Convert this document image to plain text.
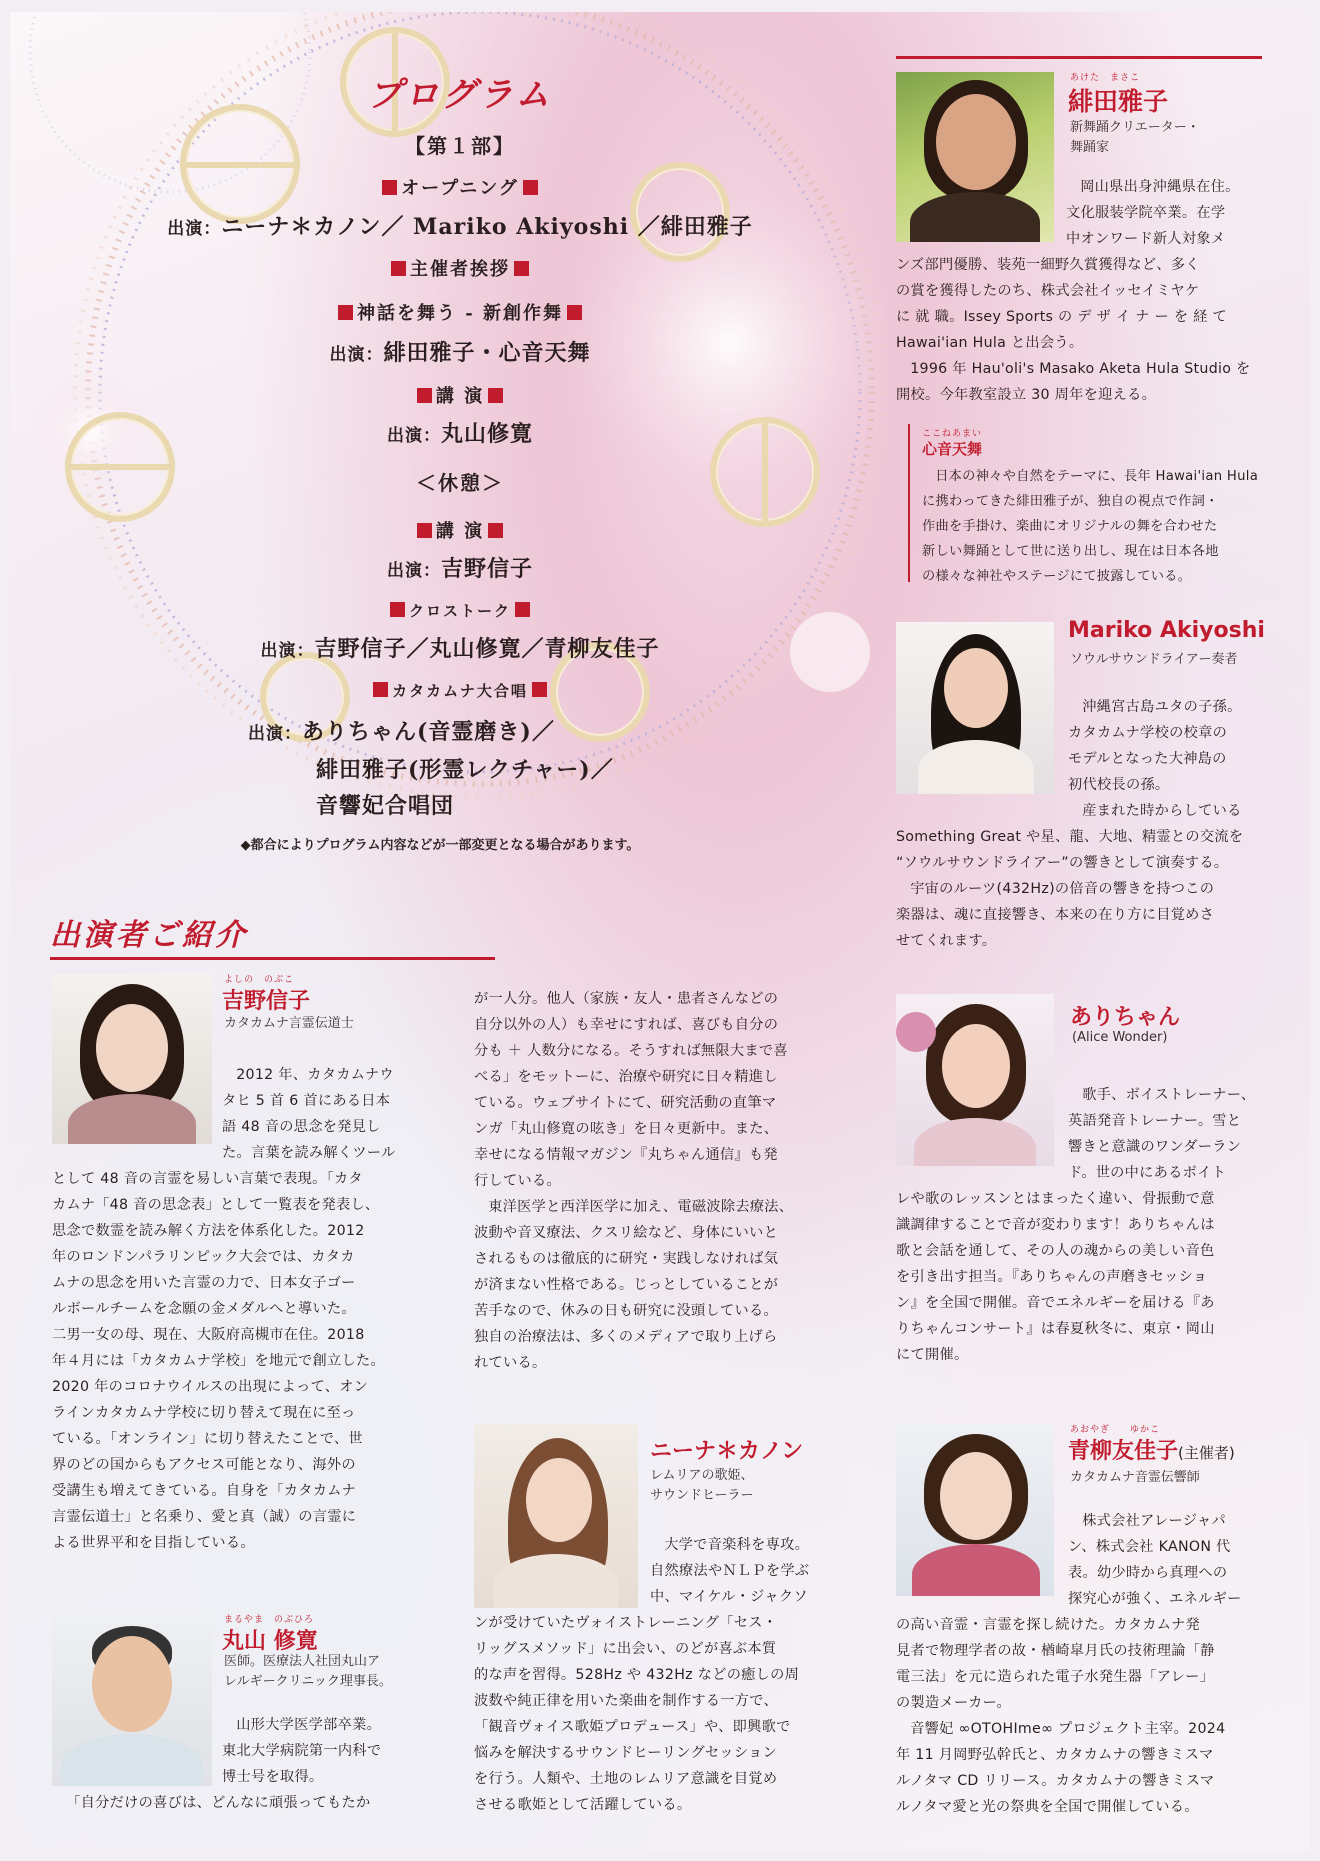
プログラム
【第１部】
オープニング
出演：ニーナ＊カノン／ Mariko Akiyoshi ／緋田雅子
主催者挨拶
神話を舞う - 新創作舞
出演：緋田雅子・心音天舞
講 演
出演：丸山修寛
＜休憩＞
講 演
出演：吉野信子
クロストーク
出演：吉野信子／丸山修寛／青柳友佳子
カタカムナ大合唱
出演：ありちゃん(音霊磨き)／
緋田雅子(形霊レクチャー)／
音響妃合唱団
◆都合によりプログラム内容などが一部変更となる場合があります。
出演者ご紹介
あけた　まさこ
緋田雅子
新舞踊クリエーター・
舞踊家
岡山県出身沖縄県在住。
文化服装学院卒業。在学
中オンワード新人対象メ
ンズ部門優勝、装苑一細野久賞獲得など、多く
の賞を獲得したのち、株式会社イッセイミヤケ
に 就 職。Issey Sports の デ ザ イ ナ ー を 経 て
Hawai'ian Hula と出会う。
1996 年 Hau'oli's Masako Aketa Hula Studio を
開校。今年教室設立 30 周年を迎える。
ここねあまい
心音天舞
日本の神々や自然をテーマに、長年 Hawai'ian Hula
に携わってきた緋田雅子が、独自の視点で作詞・
作曲を手掛け、楽曲にオリジナルの舞を合わせた
新しい舞踊として世に送り出し、現在は日本各地
の様々な神社やステージにて披露している。
Mariko Akiyoshi
ソウルサウンドライアー奏者
沖縄宮古島ユタの子孫。
カタカムナ学校の校章の
モデルとなった大神島の
初代校長の孫。
産まれた時からしている
Something Great や星、龍、大地、精霊との交流を
“ソウルサウンドライアー”の響きとして演奏する。
宇宙のルーツ(432Hz)の倍音の響きを持つこの
楽器は、魂に直接響き、本来の在り方に目覚めさ
せてくれます。
ありちゃん
(Alice Wonder)
歌手、ボイストレーナー、
英語発音トレーナー。雪と
響きと意識のワンダーラン
ド。世の中にあるボイト
レや歌のレッスンとはまったく違い、骨振動で意
識調律することで音が変わります！ありちゃんは
歌と会話を通して、その人の魂からの美しい音色
を引き出す担当。『ありちゃんの声磨きセッショ
ン』を全国で開催。音でエネルギーを届ける『あ
りちゃんコンサート』は春夏秋冬に、東京・岡山
にて開催。
よしの　のぶこ
吉野信子
カタカムナ言霊伝道士
2012 年、カタカムナウ
タヒ 5 首 6 首にある日本
語 48 音の思念を発見し
た。言葉を読み解くツール
として 48 音の言霊を易しい言葉で表現。「カタ
カムナ「48 音の思念表」として一覧表を発表し、
思念で数霊を読み解く方法を体系化した。2012
年のロンドンパラリンピック大会では、カタカ
ムナの思念を用いた言霊の力で、日本女子ゴー
ルボールチームを念願の金メダルへと導いた。
二男一女の母、現在、大阪府高槻市在住。2018
年４月には「カタカムナ学校」を地元で創立した。
2020 年のコロナウイルスの出現によって、オン
ラインカタカムナ学校に切り替えて現在に至っ
ている。「オンライン」に切り替えたことで、世
界のどの国からもアクセス可能となり、海外の
受講生も増えてきている。自身を「カタカムナ
言霊伝道士」と名乗り、愛と真（誠）の言霊に
よる世界平和を目指している。
まるやま　のぶひろ
丸山 修寛
医師。医療法人社団丸山ア
レルギークリニック理事長。
山形大学医学部卒業。
東北大学病院第一内科で
博士号を取得。
「自分だけの喜びは、どんなに頑張ってもたか
が一人分。他人（家族・友人・患者さんなどの
自分以外の人）も幸せにすれば、喜びも自分の
分も ＋ 人数分になる。そうすれば無限大まで喜
べる」をモットーに、治療や研究に日々精進し
ている。ウェブサイトにて、研究活動の直筆マ
ンガ「丸山修寛の呟き」を日々更新中。また、
幸せになる情報マガジン『丸ちゃん通信』も発
行している。
東洋医学と西洋医学に加え、電磁波除去療法、
波動や音叉療法、クスリ絵など、身体にいいと
されるものは徹底的に研究・実践しなければ気
が済まない性格である。じっとしていることが
苦手なので、休みの日も研究に没頭している。
独自の治療法は、多くのメディアで取り上げら
れている。
ニーナ＊カノン
レムリアの歌姫、
サウンドヒーラー
大学で音楽科を専攻。
自然療法やＮＬＰを学ぶ
中、マイケル・ジャクソ
ンが受けていたヴォイストレーニング「セス・
リッグスメソッド」に出会い、のどが喜ぶ本質
的な声を習得。528Hz や 432Hz などの癒しの周
波数や純正律を用いた楽曲を制作する一方で、
「観音ヴォイス歌姫プロデュース」や、即興歌で
悩みを解決するサウンドヒーリングセッション
を行う。人類や、土地のレムリア意識を目覚め
させる歌姫として活躍している。
あおやぎ　　ゆかこ
青柳友佳子(主催者)
カタカムナ音霊伝響師
株式会社アレージャパ
ン、株式会社 KANON 代
表。幼少時から真理への
探究心が強く、エネルギー
の高い音霊・言霊を探し続けた。カタカムナ発
見者で物理学者の故・楢崎皐月氏の技術理論「静
電三法」を元に造られた電子水発生器「アレー」
の製造メーカー。
音響妃 ∞OTOHIme∞ プロジェクト主宰。2024
年 11 月岡野弘幹氏と、カタカムナの響きミスマ
ルノタマ CD リリース。カタカムナの響きミスマ
ルノタマ愛と光の祭典を全国で開催している。
